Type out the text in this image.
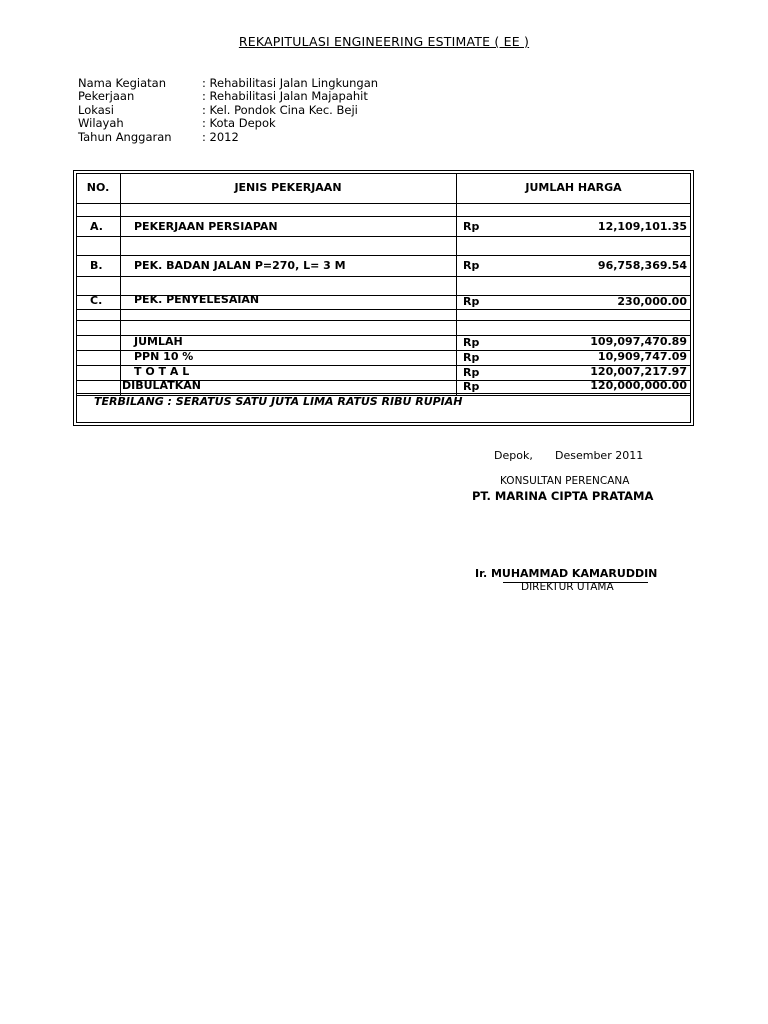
REKAPITULASI ENGINEERING ESTIMATE ( EE )
Nama Kegiatan	: Rehabilitasi Jalan Lingkungan
Pekerjaan	: Rehabilitasi Jalan Majapahit
Lokasi	: Kel. Pondok Cina Kec. Beji
Wilayah	: Kota Depok
Tahun Anggaran	: 2012
NO.	JENIS PEKERJAAN	JUMLAH HARGA
A.	PEKERJAAN PERSIAPAN	Rp	12,109,101.35
B.	PEK. BADAN JALAN P=270, L= 3 M	Rp	96,758,369.54
C.	PEK. PENYELESAIAN	Rp	230,000.00
JUMLAH	Rp	109,097,470.89
PPN 10 %	Rp	10,909,747.09
T O T A L	Rp	120,007,217.97
DIBULATKAN	Rp	120,000,000.00
TERBILANG : SERATUS SATU JUTA LIMA RATUS RIBU RUPIAH
Depok, Desember 2011
KONSULTAN PERENCANA
PT. MARINA CIPTA PRATAMA
Ir. MUHAMMAD KAMARUDDIN
DIREKTUR UTAMA
